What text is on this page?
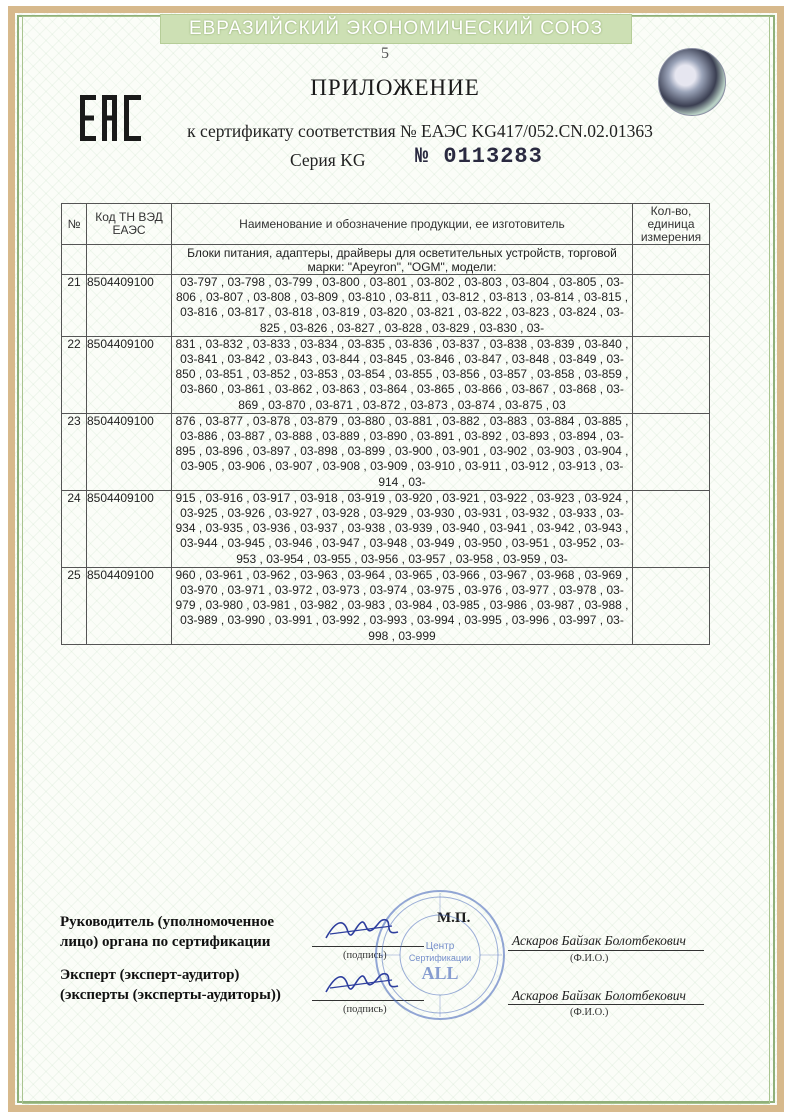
ЕВРАЗИЙСКИЙ ЭКОНОМИЧЕСКИЙ СОЮЗ
5
ПРИЛОЖЕНИЕ
к сертификату соответствия № ЕАЭС KG417/052.CN.02.01363
Серия KG № 0113283
№	Код ТН ВЭД ЕАЭС	Наименование и обозначение продукции, ее изготовитель	Кол-во, единица измерения
		Блоки питания, адаптеры, драйверы для осветительных устройств, торговой марки: "Apeyron", "OGM", модели:	
21	8504409100	03-797 , 03-798 , 03-799 , 03-800 , 03-801 , 03-802 , 03-803 , 03-804 , 03-805 , 03-806 , 03-807 , 03-808 , 03-809 , 03-810 , 03-811 , 03-812 , 03-813 , 03-814 , 03-815 , 03-816 , 03-817 , 03-818 , 03-819 , 03-820 , 03-821 , 03-822 , 03-823 , 03-824 , 03-825 , 03-826 , 03-827 , 03-828 , 03-829 , 03-830 , 03-	
22	8504409100	831 , 03-832 , 03-833 , 03-834 , 03-835 , 03-836 , 03-837 , 03-838 , 03-839 , 03-840 , 03-841 , 03-842 , 03-843 , 03-844 , 03-845 , 03-846 , 03-847 , 03-848 , 03-849 , 03-850 , 03-851 , 03-852 , 03-853 , 03-854 , 03-855 , 03-856 , 03-857 , 03-858 , 03-859 , 03-860 , 03-861 , 03-862 , 03-863 , 03-864 , 03-865 , 03-866 , 03-867 , 03-868 , 03-869 , 03-870 , 03-871 , 03-872 , 03-873 , 03-874 , 03-875 , 03	
23	8504409100	876 , 03-877 , 03-878 , 03-879 , 03-880 , 03-881 , 03-882 , 03-883 , 03-884 , 03-885 , 03-886 , 03-887 , 03-888 , 03-889 , 03-890 , 03-891 , 03-892 , 03-893 , 03-894 , 03-895 , 03-896 , 03-897 , 03-898 , 03-899 , 03-900 , 03-901 , 03-902 , 03-903 , 03-904 , 03-905 , 03-906 , 03-907 , 03-908 , 03-909 , 03-910 , 03-911 , 03-912 , 03-913 , 03-914 , 03-	
24	8504409100	915 , 03-916 , 03-917 , 03-918 , 03-919 , 03-920 , 03-921 , 03-922 , 03-923 , 03-924 , 03-925 , 03-926 , 03-927 , 03-928 , 03-929 , 03-930 , 03-931 , 03-932 , 03-933 , 03-934 , 03-935 , 03-936 , 03-937 , 03-938 , 03-939 , 03-940 , 03-941 , 03-942 , 03-943 , 03-944 , 03-945 , 03-946 , 03-947 , 03-948 , 03-949 , 03-950 , 03-951 , 03-952 , 03-953 , 03-954 , 03-955 , 03-956 , 03-957 , 03-958 , 03-959 , 03-	
25	8504409100	960 , 03-961 , 03-962 , 03-963 , 03-964 , 03-965 , 03-966 , 03-967 , 03-968 , 03-969 , 03-970 , 03-971 , 03-972 , 03-973 , 03-974 , 03-975 , 03-976 , 03-977 , 03-978 , 03-979 , 03-980 , 03-981 , 03-982 , 03-983 , 03-984 , 03-985 , 03-986 , 03-987 , 03-988 , 03-989 , 03-990 , 03-991 , 03-992 , 03-993 , 03-994 , 03-995 , 03-996 , 03-997 , 03-998 , 03-999	
Руководитель (уполномоченное
лицо) органа по сертификации
М.П.
(подпись)
Аскаров Байзак Болотбекович
(Ф.И.О.)
Эксперт (эксперт-аудитор)
(эксперты (эксперты-аудиторы))
(подпись)
Аскаров Байзак Болотбекович
(Ф.И.О.)
Центр
Сертификации
ALL
